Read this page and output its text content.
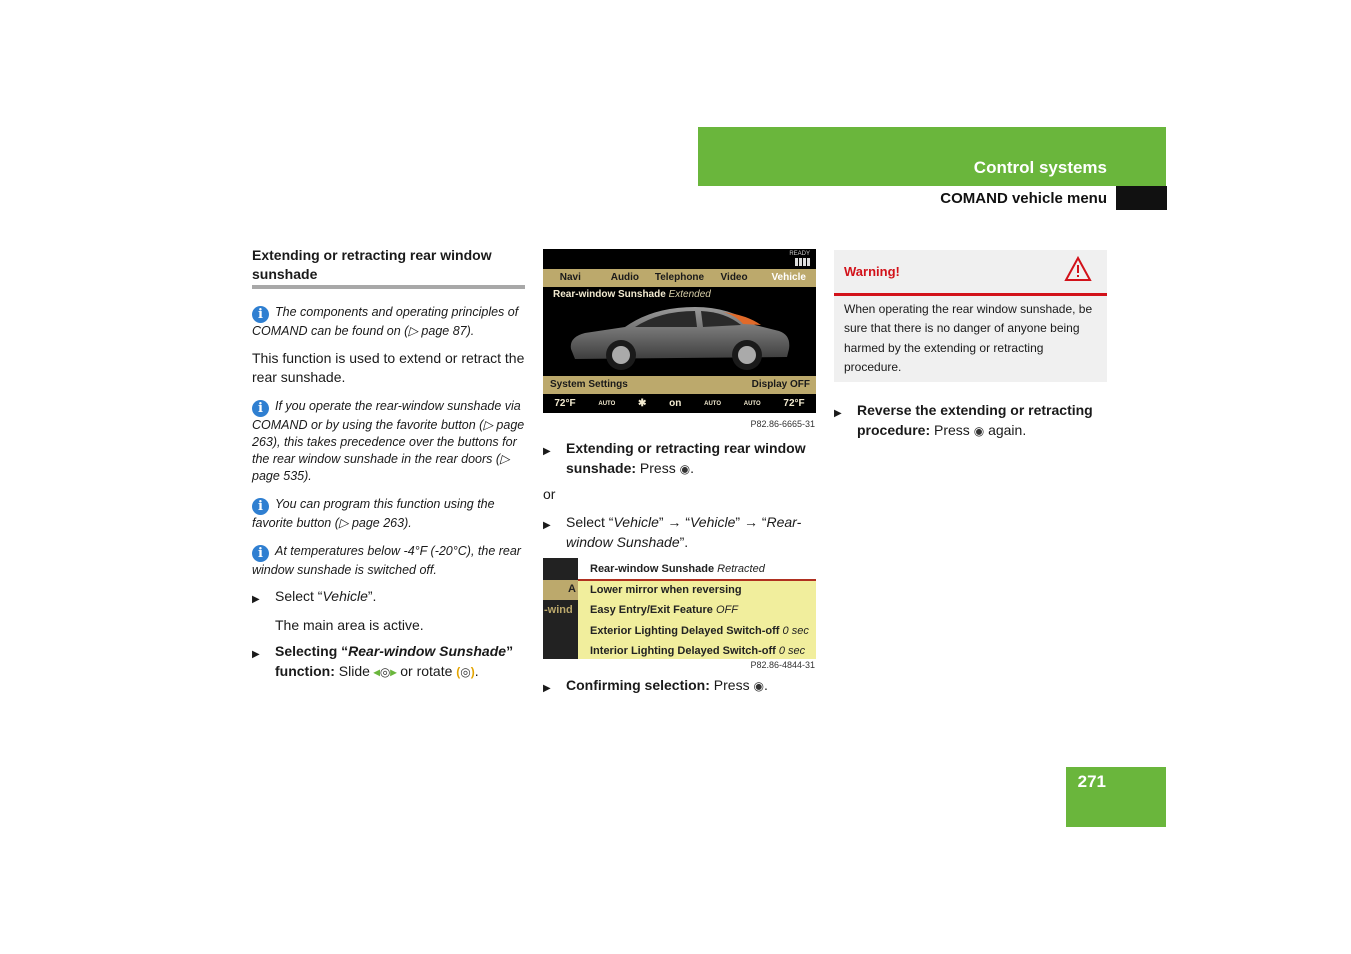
Control systems
COMAND vehicle menu
Extending or retracting rear window sunshade
i The components and operating principles of COMAND can be found on (▷ page 87).
This function is used to extend or retract the rear sunshade.
i If you operate the rear-window sunshade via COMAND or by using the favorite button (▷ page 263), this takes precedence over the buttons for the rear window sunshade in the rear doors (▷ page 535).
i You can program this function using the favorite button (▷ page 263).
i At temperatures below -4°F (-20°C), the rear window sunshade is switched off.
▶ Select “Vehicle”.
The main area is active.
▶ Selecting “Rear-window Sunshade” function: Slide ◂◎▸ or rotate (◎).
READY
Navi	Audio	Telephone	Video	Vehicle
Rear-window Sunshade Extended
System Settings	Display OFF
72°F	AUTO ✱ on	AUTO	AUTO 72°F
P82.86-6665-31
▶ Extending or retracting rear window sunshade: Press ◉.
or
▶ Select “Vehicle” → “Vehicle” → “Rear-window Sunshade”.
A
-wind
Rear-window Sunshade Retracted
Lower mirror when reversing
Easy Entry/Exit Feature OFF
Exterior Lighting Delayed Switch-off 0 sec
Interior Lighting Delayed Switch-off 0 sec
P82.86-4844-31
▶ Confirming selection: Press ◉.
Warning!
When operating the rear window sunshade, be sure that there is no danger of anyone being harmed by the extending or retracting procedure.
▶ Reverse the extending or retracting procedure: Press ◉ again.
271
